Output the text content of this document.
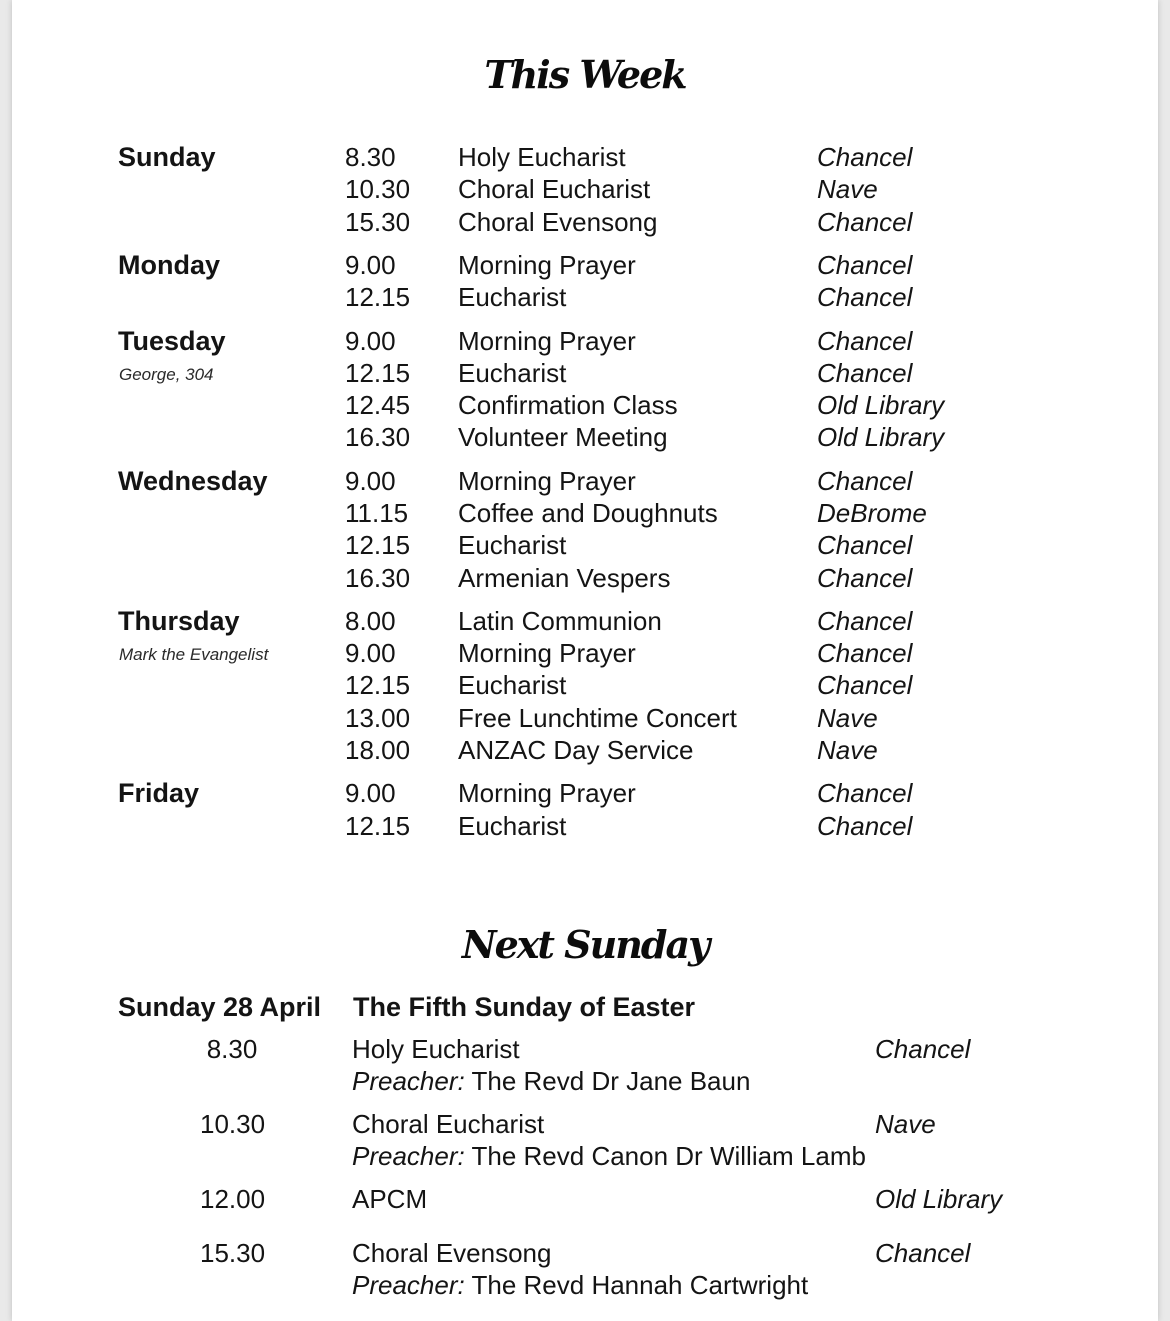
This Week
Sunday	8.30 Holy Eucharist	Chancel
10.30 Choral Eucharist	Nave
15.30 Choral Evensong	Chancel
Monday	9.00 Morning Prayer	Chancel
12.15 Eucharist	Chancel
Tuesday
George, 304
9.00 Morning Prayer	Chancel
12.15 Eucharist	Chancel
12.45 Confirmation Class	Old Library
16.30 Volunteer Meeting	Old Library
Wednesday	9.00 Morning Prayer	Chancel
11.15 Coffee and Doughnuts	DeBrome
12.15 Eucharist	Chancel
16.30 Armenian Vespers	Chancel
Thursday
Mark the Evangelist
8.00 Latin Communion	Chancel
9.00 Morning Prayer	Chancel
12.15 Eucharist	Chancel
13.00 Free Lunchtime Concert	Nave
18.00 ANZAC Day Service	Nave
Friday	9.00 Morning Prayer	Chancel
12.15 Eucharist	Chancel
Next Sunday
Sunday 28 April The Fifth Sunday of Easter
8.30	Holy Eucharist	Chancel
Preacher: The Revd Dr Jane Baun
10.30	Choral Eucharist	Nave
Preacher: The Revd Canon Dr William Lamb
12.00	APCM	Old Library
15.30	Choral Evensong	Chancel
Preacher: The Revd Hannah Cartwright
